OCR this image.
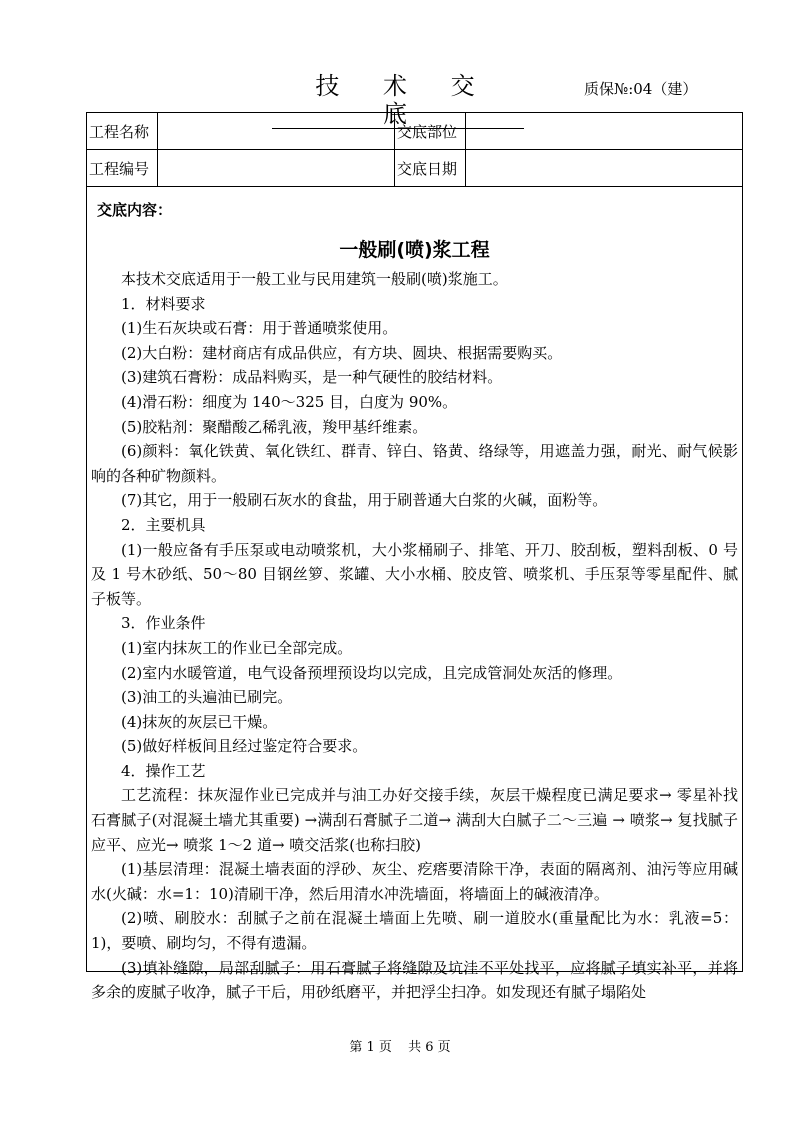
技 术 交 底
质保№:04（建）
工程名称	交底部位
工程编号	交底日期
交底内容：
一般刷(喷)浆工程

本技术交底适用于一般工业与民用建筑一般刷(喷)浆施工。

1．材料要求

(1)生石灰块或石膏：用于普通喷浆使用。

(2)大白粉：建材商店有成品供应，有方块、圆块、根据需要购买。

(3)建筑石膏粉：成品料购买，是一种气硬性的胶结材料。

(4)滑石粉：细度为 140～325 目，白度为 90%。

(5)胶粘剂：聚醋酸乙稀乳液，羧甲基纤维素。

(6)颜料：氧化铁黄、氧化铁红、群青、锌白、铬黄、络绿等，用遮盖力强，耐光、耐气候影响的各种矿物颜料。

(7)其它，用于一般刷石灰水的食盐，用于刷普通大白浆的火碱，面粉等。

2．主要机具

(1)一般应备有手压泵或电动喷浆机，大小浆桶刷子、排笔、开刀、胶刮板，塑料刮板、0 号及 1 号木砂纸、50～80 目钢丝箩、浆罐、大小水桶、胶皮管、喷浆机、手压泵等零星配件、腻子板等。

3．作业条件

(1)室内抹灰工的作业已全部完成。

(2)室内水暖管道，电气设备预埋预设均以完成，且完成管洞处灰活的修理。

(3)油工的头遍油已刷完。

(4)抹灰的灰层已干燥。

(5)做好样板间且经过鉴定符合要求。

4．操作工艺

工艺流程：抹灰湿作业已完成并与油工办好交接手续，灰层干燥程度已满足要求→ 零星补找石膏腻子(对混凝土墙尤其重要) →满刮石膏腻子二道→ 满刮大白腻子二～三遍 → 喷浆→ 复找腻子应平、应光→ 喷浆 1～2 道→ 喷交活浆(也称扫胶)

(1)基层清理：混凝土墙表面的浮砂、灰尘、疙瘩要清除干净，表面的隔离剂、油污等应用碱水(火碱：水=1：10)清刷干净，然后用清水冲洗墙面，将墙面上的碱液清净。

(2)喷、刷胶水：刮腻子之前在混凝土墙面上先喷、刷一道胶水(重量配比为水：乳液=5：1)，要喷、刷均匀，不得有遗漏。

(3)填补缝隙，局部刮腻子：用石膏腻子将缝隙及坑洼不平处找平，应将腻子填实补平，并将多余的废腻子收净，腻子干后，用砂纸磨平，并把浮尘扫净。如发现还有腻子塌陷处

第 1 页 共 6 页
